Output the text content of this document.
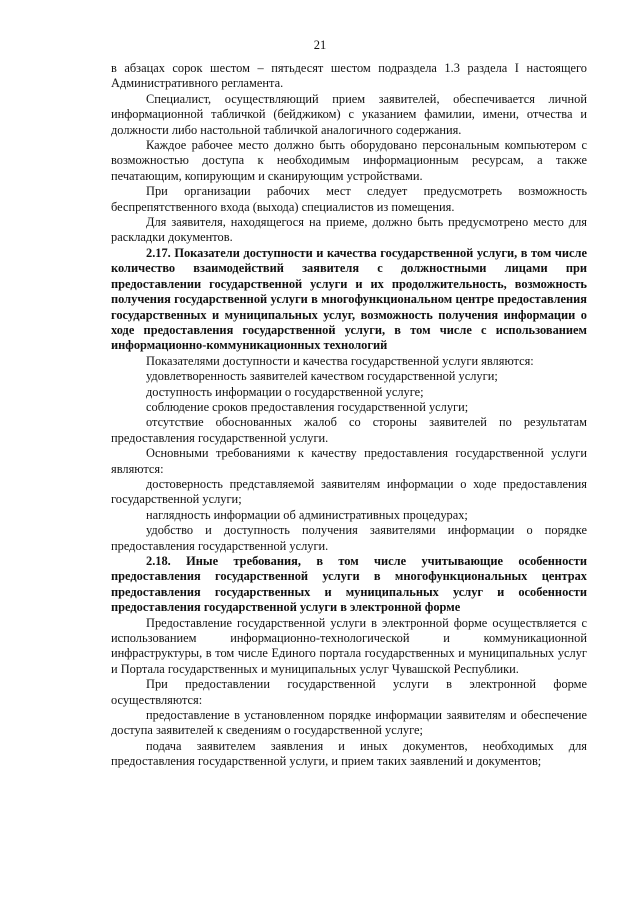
21

в абзацах сорок шестом – пятьдесят шестом подраздела 1.3 раздела I настоящего Административного регламента.

Специалист, осуществляющий прием заявителей, обеспечивается личной информационной табличкой (бейджиком) с указанием фамилии, имени, отчества и должности либо настольной табличкой аналогичного содержания.

Каждое рабочее место должно быть оборудовано персональным компьютером с возможностью доступа к необходимым информационным ресурсам, а также печатающим, копирующим и сканирующим устройствами.

При организации рабочих мест следует предусмотреть возможность беспрепятственного входа (выхода) специалистов из помещения.

Для заявителя, находящегося на приеме, должно быть предусмотрено место для раскладки документов.

2.17. Показатели доступности и качества государственной услуги, в том числе количество взаимодействий заявителя с должностными лицами при предоставлении государственной услуги и их продолжительность, возможность получения государственной услуги в многофункциональном центре предоставления государственных и муниципальных услуг, возможность получения информации о ходе предоставления государственной услуги, в том числе с использованием информационно-коммуникационных технологий

Показателями доступности и качества государственной услуги являются:

удовлетворенность заявителей качеством государственной услуги;

доступность информации о государственной услуге;

соблюдение сроков предоставления государственной услуги;

отсутствие обоснованных жалоб со стороны заявителей по результатам предоставления государственной услуги.

Основными требованиями к качеству предоставления государственной услуги являются:

достоверность представляемой заявителям информации о ходе предоставления государственной услуги;

наглядность информации об административных процедурах;

удобство и доступность получения заявителями информации о порядке предоставления государственной услуги.

2.18. Иные требования, в том числе учитывающие особенности предоставления государственной услуги в многофункциональных центрах предоставления государственных и муниципальных услуг и особенности предоставления государственной услуги в электронной форме

Предоставление государственной услуги в электронной форме осуществляется с использованием информационно-технологической и коммуникационной инфраструктуры, в том числе Единого портала государственных и муниципальных услуг и Портала государственных и муниципальных услуг Чувашской Республики.

При предоставлении государственной услуги в электронной форме осуществляются:

предоставление в установленном порядке информации заявителям и обеспечение доступа заявителей к сведениям о государственной услуге;

подача заявителем заявления и иных документов, необходимых для предоставления государственной услуги, и прием таких заявлений и документов;
